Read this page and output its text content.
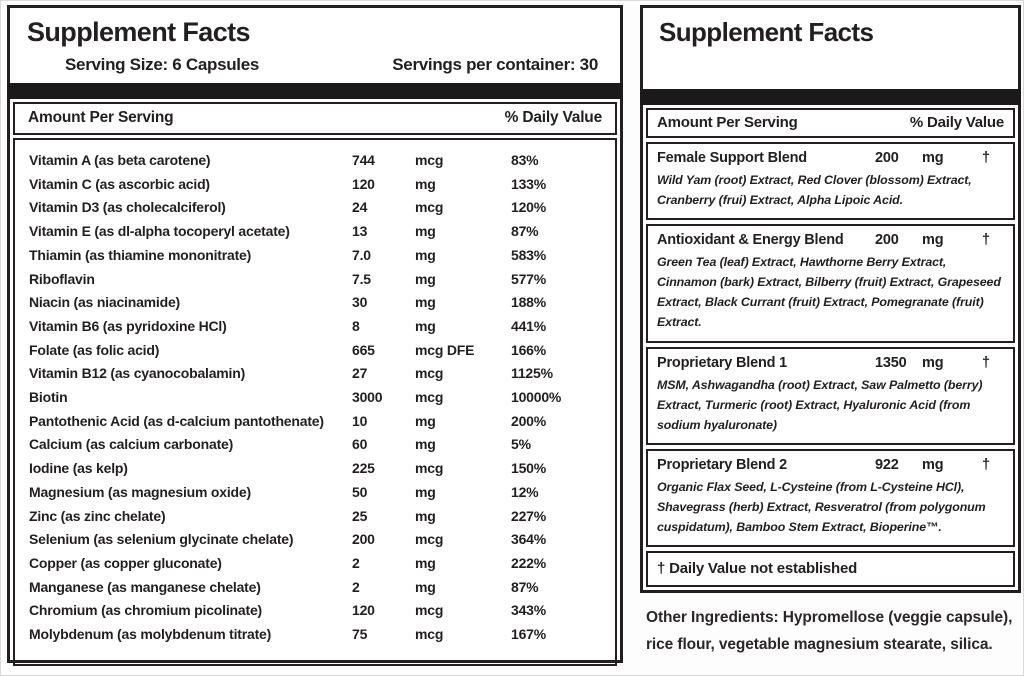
Supplement Facts
Serving Size: 6 Capsules	Servings per container: 30
Amount Per Serving	% Daily Value
Vitamin A (as beta carotene)	744	mcg	83%
Vitamin C (as ascorbic acid)	120	mg	133%
Vitamin D3 (as cholecalciferol)	24	mcg	120%
Vitamin E (as dl-alpha tocoperyl acetate)	13	mg	87%
Thiamin (as thiamine mononitrate)	7.0	mg	583%
Riboflavin	7.5	mg	577%
Niacin (as niacinamide)	30	mg	188%
Vitamin B6 (as pyridoxine HCl)	8	mg	441%
Folate (as folic acid)	665	mcg DFE	166%
Vitamin B12 (as cyanocobalamin)	27	mcg	1125%
Biotin	3000	mcg	10000%
Pantothenic Acid (as d-calcium pantothenate)	10	mg	200%
Calcium (as calcium carbonate)	60	mg	5%
Iodine (as kelp)	225	mcg	150%
Magnesium (as magnesium oxide)	50	mg	12%
Zinc (as zinc chelate)	25	mg	227%
Selenium (as selenium glycinate chelate)	200	mcg	364%
Copper (as copper gluconate)	2	mg	222%
Manganese (as manganese chelate)	2	mg	87%
Chromium (as chromium picolinate)	120	mcg	343%
Molybdenum (as molybdenum titrate)	75	mcg	167%
Supplement Facts
Amount Per Serving	% Daily Value
Female Support Blend	200	mg	†
Wild Yam (root) Extract, Red Clover (blossom) Extract, Cranberry (frui) Extract, Alpha Lipoic Acid.
Antioxidant & Energy Blend	200	mg	†
Green Tea (leaf) Extract, Hawthorne Berry Extract, Cinnamon (bark) Extract, Bilberry (fruit) Extract, Grapeseed Extract, Black Currant (fruit) Extract, Pomegranate (fruit) Extract.
Proprietary Blend 1	1350	mg	†
MSM, Ashwagandha (root) Extract, Saw Palmetto (berry) Extract, Turmeric (root) Extract, Hyaluronic Acid (from sodium hyaluronate)
Proprietary Blend 2	922	mg	†
Organic Flax Seed, L-Cysteine (from L-Cysteine HCl), Shavegrass (herb) Extract, Resveratrol (from polygonum cuspidatum), Bamboo Stem Extract, Bioperine™.
† Daily Value not established
Other Ingredients: Hypromellose (veggie capsule), rice flour, vegetable magnesium stearate, silica.
